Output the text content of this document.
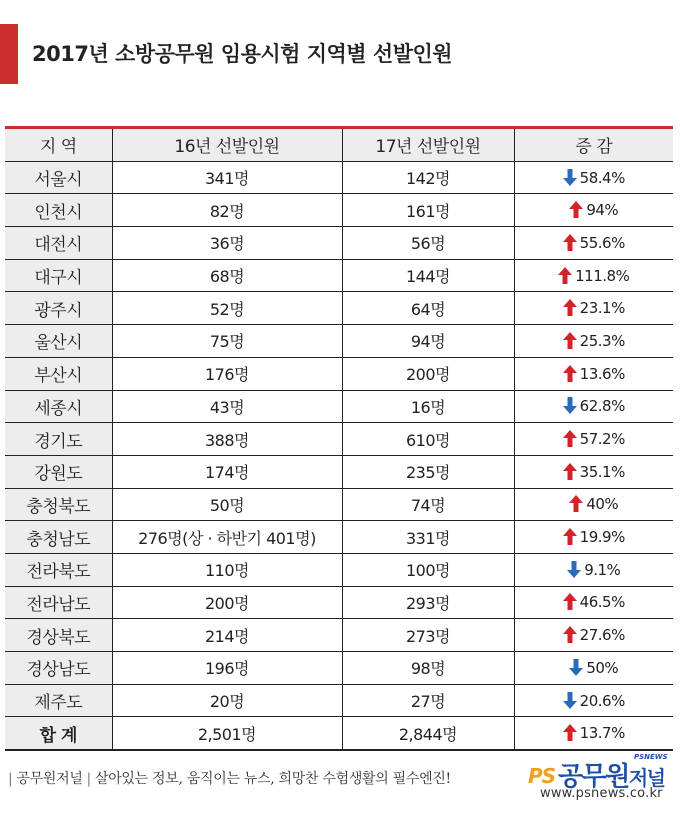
2017년 소방공무원 임용시험 지역별 선발인원
지 역	16년 선발인원	17년 선발인원	증 감
서울시	341명	142명	58.4%
인천시	82명	161명	94%
대전시	36명	56명	55.6%
대구시	68명	144명	111.8%
광주시	52명	64명	23.1%
울산시	75명	94명	25.3%
부산시	176명	200명	13.6%
세종시	43명	16명	62.8%
경기도	388명	610명	57.2%
강원도	174명	235명	35.1%
충청북도	50명	74명	40%
충청남도	276명(상 · 하반기 401명)	331명	19.9%
전라북도	110명	100명	9.1%
전라남도	200명	293명	46.5%
경상북도	214명	273명	27.6%
경상남도	196명	98명	50%
제주도	20명	27명	20.6%
합 계	2,501명	2,844명	13.7%
| 공무원저널 | 살아있는 정보, 움직이는 뉴스, 희망찬 수험생활의 필수엔진!	PS 공무원저널
PSNEWS
www.psnews.co.kr
